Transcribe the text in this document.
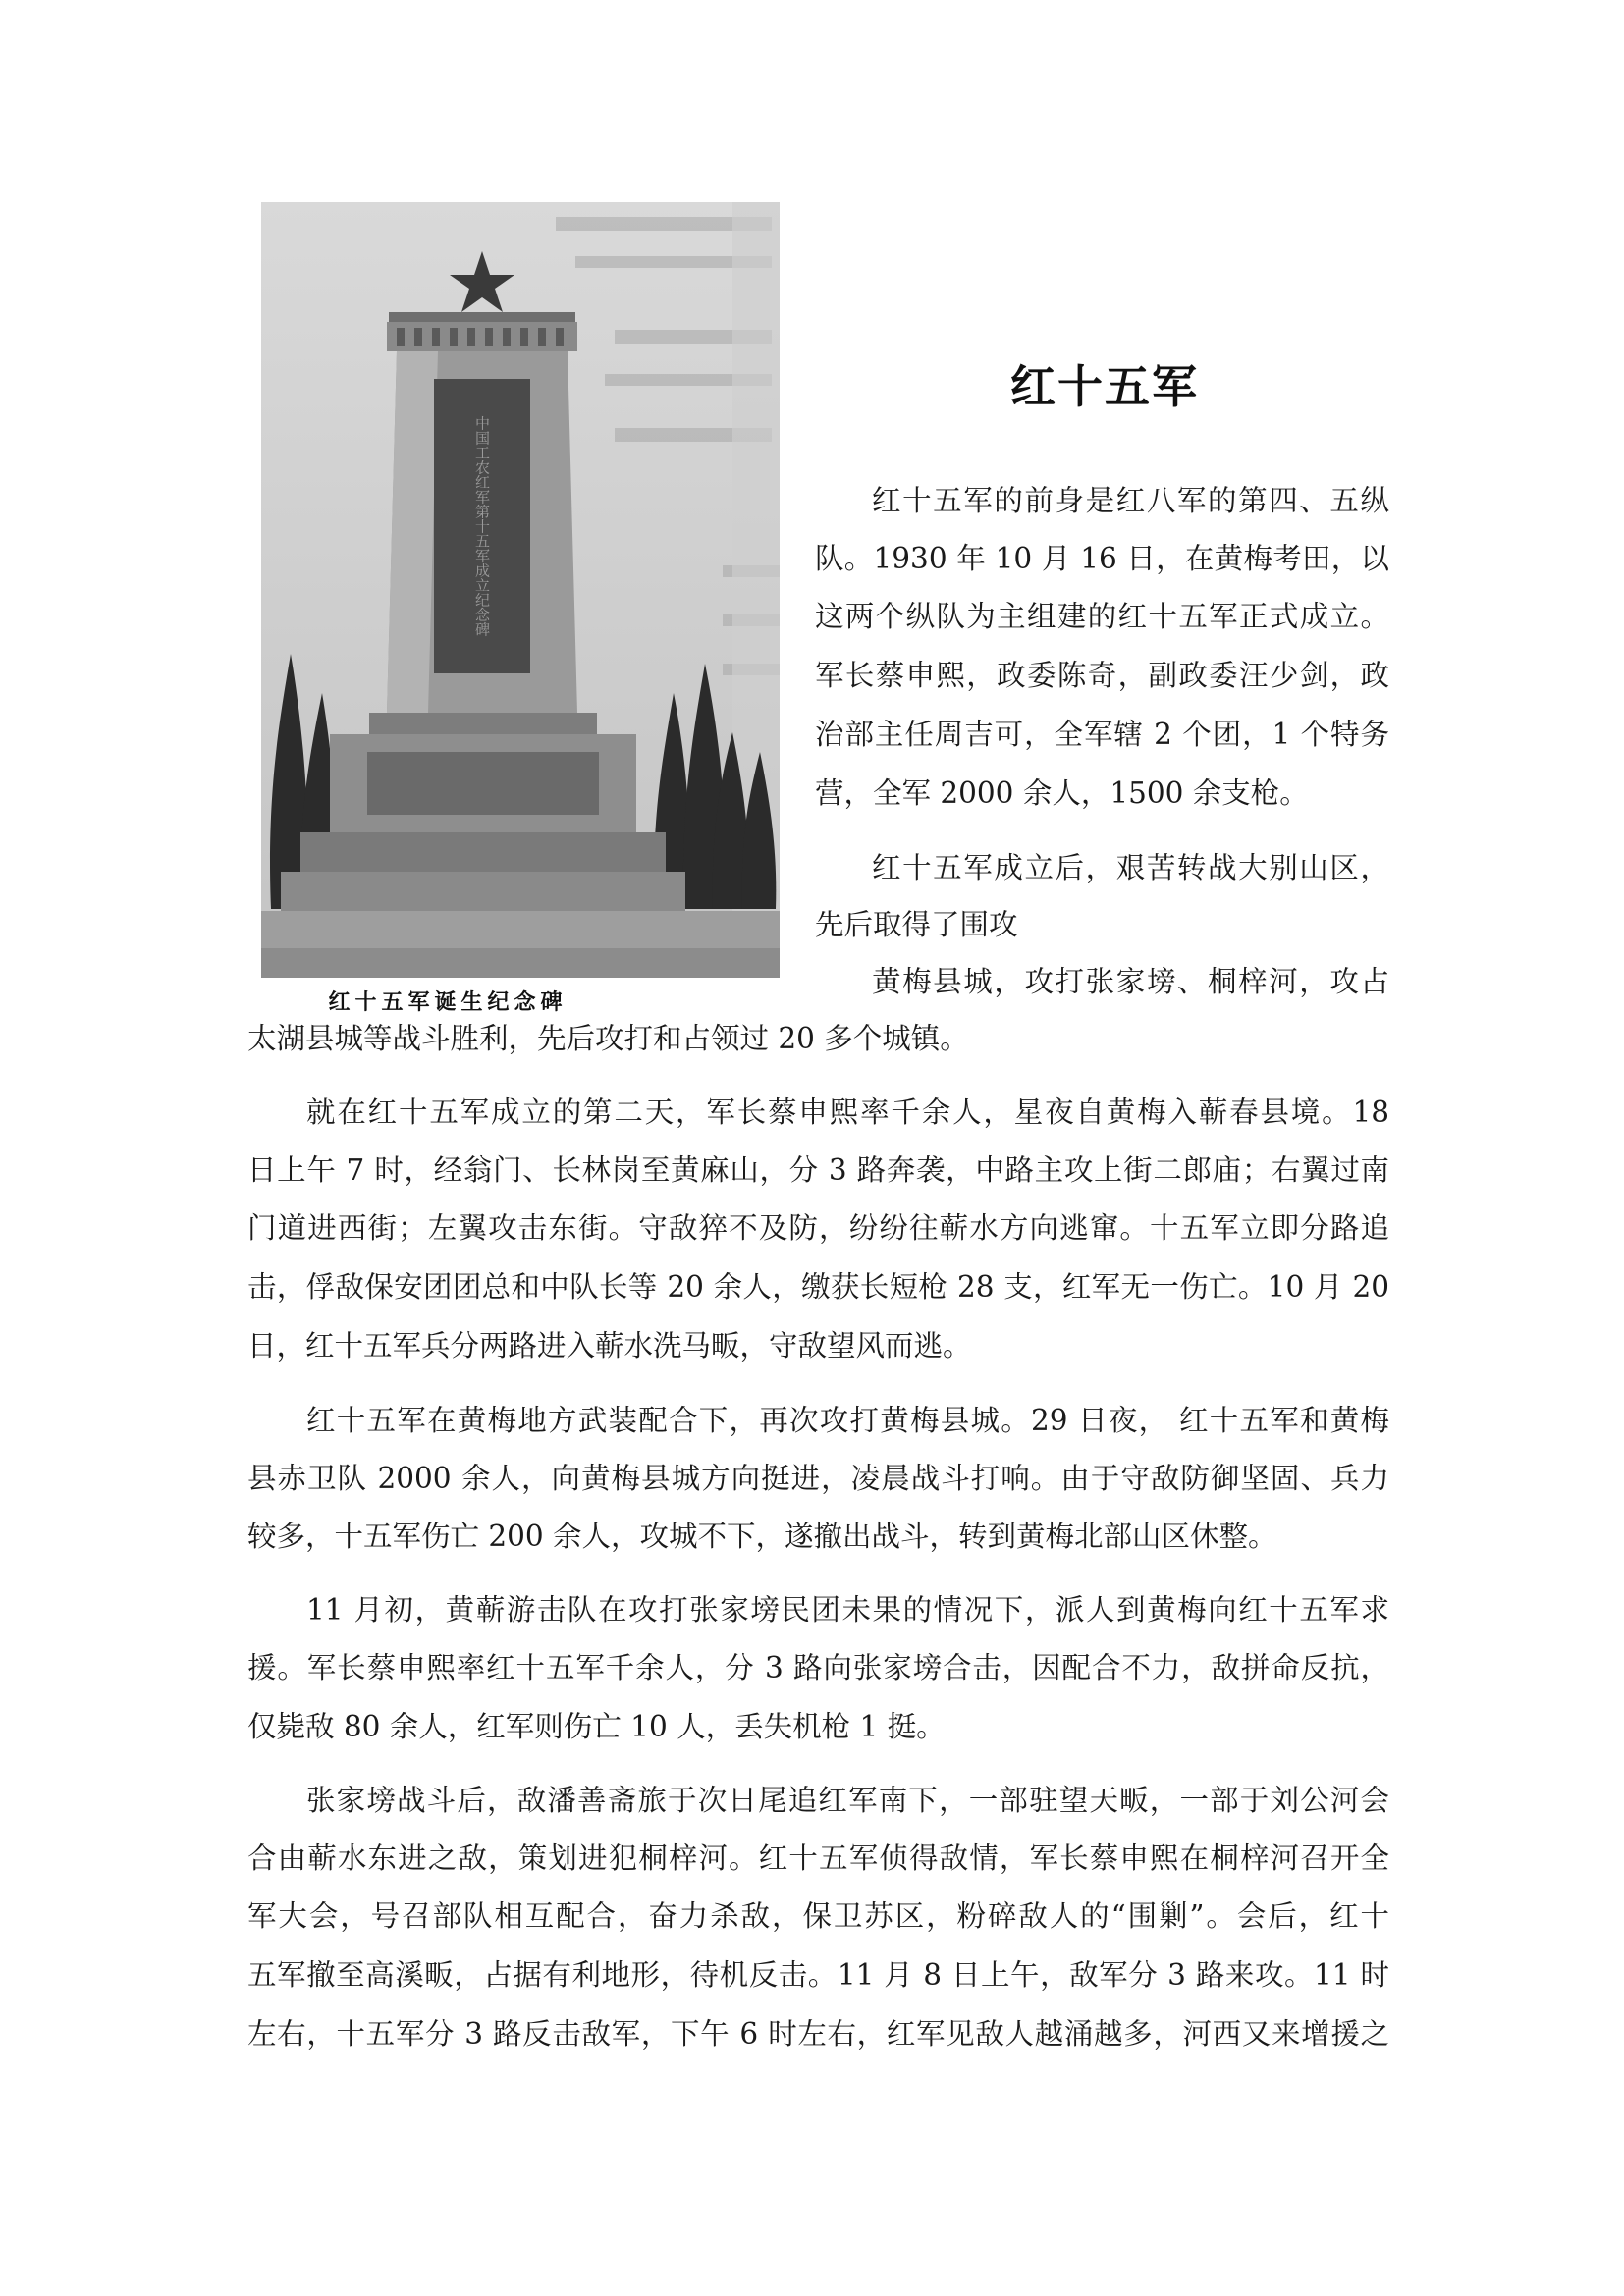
中国工农红军第十五军成立纪念碑
红十五军诞生纪念碑
红十五军
红十五军的前身是红八军的第四、五纵
队。1930 年 10 月 16 日，在黄梅考田，以
这两个纵队为主组建的红十五军正式成立。
军长蔡申熙，政委陈奇，副政委汪少剑，政
治部主任周吉可，全军辖 2 个团，1 个特务
营，全军 2000 余人，1500 余支枪。
红十五军成立后，艰苦转战大别山区，
先后取得了围攻
黄梅县城，攻打张家塝、桐梓河，攻占
太湖县城等战斗胜利，先后攻打和占领过 20 多个城镇。
就在红十五军成立的第二天，军长蔡申熙率千余人，星夜自黄梅入蕲春县境。18
日上午 7 时，经翁门、长林岗至黄麻山，分 3 路奔袭，中路主攻上街二郎庙；右翼过南
门道进西街；左翼攻击东街。守敌猝不及防，纷纷往蕲水方向逃窜。十五军立即分路追
击，俘敌保安团团总和中队长等 20 余人，缴获长短枪 28 支，红军无一伤亡。10 月 20
日，红十五军兵分两路进入蕲水洗马畈，守敌望风而逃。
红十五军在黄梅地方武装配合下，再次攻打黄梅县城。29 日夜， 红十五军和黄梅
县赤卫队 2000 余人，向黄梅县城方向挺进，凌晨战斗打响。由于守敌防御坚固、兵力
较多，十五军伤亡 200 余人，攻城不下，遂撤出战斗，转到黄梅北部山区休整。
11 月初，黄蕲游击队在攻打张家塝民团未果的情况下，派人到黄梅向红十五军求
援。军长蔡申熙率红十五军千余人，分 3 路向张家塝合击，因配合不力，敌拼命反抗，
仅毙敌 80 余人，红军则伤亡 10 人，丢失机枪 1 挺。
张家塝战斗后，敌潘善斋旅于次日尾追红军南下，一部驻望天畈，一部于刘公河会
合由蕲水东进之敌，策划进犯桐梓河。红十五军侦得敌情，军长蔡申熙在桐梓河召开全
军大会，号召部队相互配合，奋力杀敌，保卫苏区，粉碎敌人的“围剿”。会后，红十
五军撤至高溪畈，占据有利地形，待机反击。11 月 8 日上午，敌军分 3 路来攻。11 时
左右，十五军分 3 路反击敌军，下午 6 时左右，红军见敌人越涌越多，河西又来增援之
